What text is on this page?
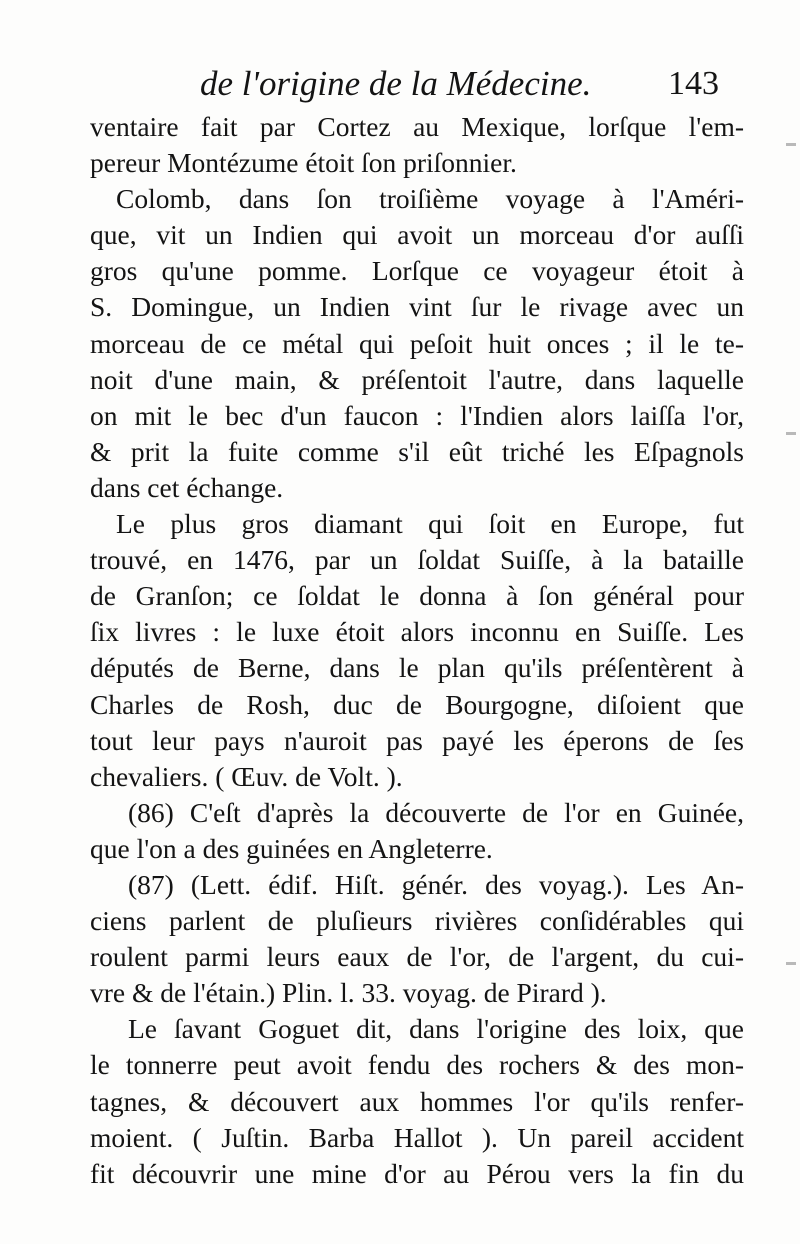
de l'origine de la Médecine. 143
ventaire fait par Cortez au Mexique, lorſque l'em-
pereur Montézume étoit ſon priſonnier.
Colomb, dans ſon troiſième voyage à l'Améri-
que, vit un Indien qui avoit un morceau d'or auſſi
gros qu'une pomme. Lorſque ce voyageur étoit à
S. Domingue, un Indien vint ſur le rivage avec un
morceau de ce métal qui peſoit huit onces ; il le te-
noit d'une main, & préſentoit l'autre, dans laquelle
on mit le bec d'un faucon : l'Indien alors laiſſa l'or,
& prit la fuite comme s'il eût triché les Eſpagnols
dans cet échange.
Le plus gros diamant qui ſoit en Europe, fut
trouvé, en 1476, par un ſoldat Suiſſe, à la bataille
de Granſon; ce ſoldat le donna à ſon général pour
ſix livres : le luxe étoit alors inconnu en Suiſſe. Les
députés de Berne, dans le plan qu'ils préſentèrent à
Charles de Rosh, duc de Bourgogne, diſoient que
tout leur pays n'auroit pas payé les éperons de ſes
chevaliers. ( Œuv. de Volt. ).
(86) C'eſt d'après la découverte de l'or en Guinée,
que l'on a des guinées en Angleterre.
(87) (Lett. édif. Hiſt. génér. des voyag.). Les An-
ciens parlent de pluſieurs rivières conſidérables qui
roulent parmi leurs eaux de l'or, de l'argent, du cui-
vre & de l'étain.) Plin. l. 33. voyag. de Pirard ).
Le ſavant Goguet dit, dans l'origine des loix, que
le tonnerre peut avoit fendu des rochers & des mon-
tagnes, & découvert aux hommes l'or qu'ils renfer-
moient. ( Juſtin. Barba Hallot ). Un pareil accident
fit découvrir une mine d'or au Pérou vers la fin du
